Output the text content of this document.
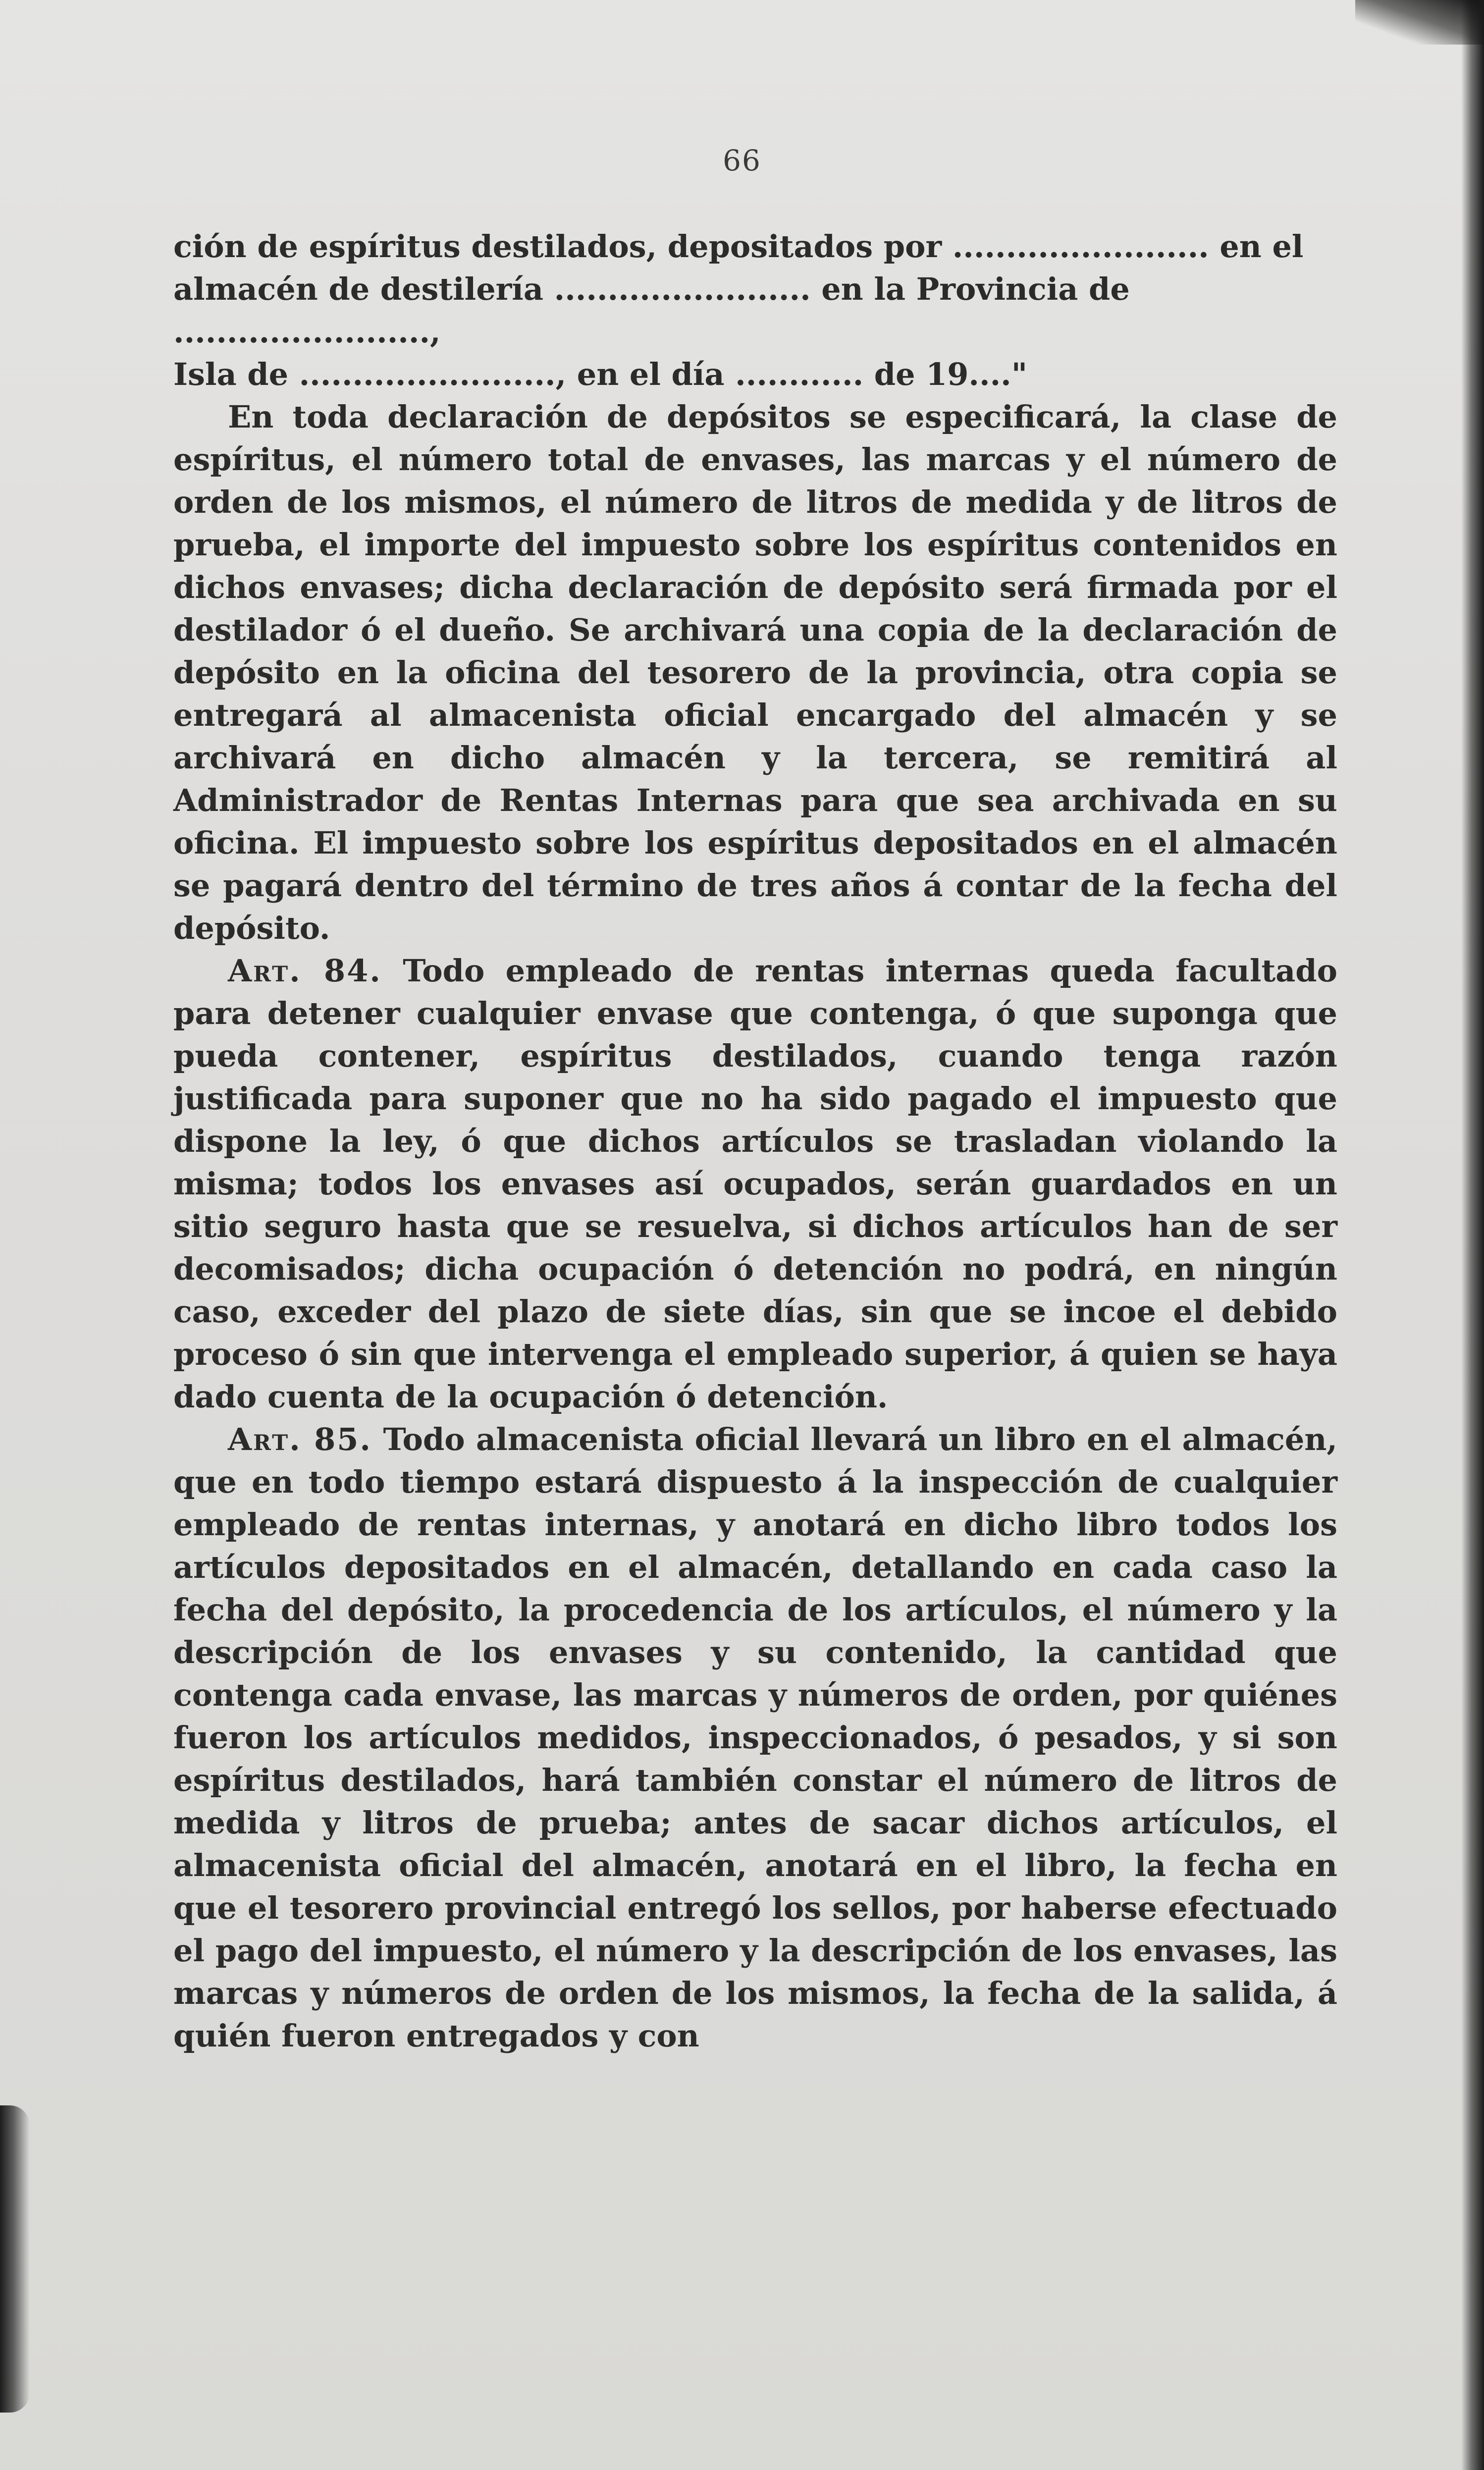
66

ción de espíritus destilados, depositados por ........................ en el

almacén de destilería ........................ en la Provincia de ........................,

Isla de ........................, en el día ............ de 19...."

En toda declaración de depósitos se especificará, la clase de espíritus, el número total de envases, las marcas y el número de orden de los mismos, el número de litros de medida y de litros de prueba, el importe del impuesto sobre los espíritus contenidos en dichos envases; dicha declaración de depósito será firmada por el destilador ó el dueño. Se archivará una copia de la declaración de depósito en la oficina del tesorero de la provincia, otra copia se entregará al almacenista oficial encargado del almacén y se archivará en dicho almacén y la tercera, se remitirá al Administrador de Rentas Internas para que sea archivada en su oficina. El impuesto sobre los espíritus depositados en el almacén se pagará dentro del término de tres años á contar de la fecha del depósito.

Art. 84. Todo empleado de rentas internas queda facultado para detener cualquier envase que contenga, ó que suponga que pueda contener, espíritus destilados, cuando tenga razón justificada para suponer que no ha sido pagado el impuesto que dispone la ley, ó que dichos artículos se trasladan violando la misma; todos los envases así ocupados, serán guardados en un sitio seguro hasta que se resuelva, si dichos artículos han de ser decomisados; dicha ocupación ó detención no podrá, en ningún caso, exceder del plazo de siete días, sin que se incoe el debido proceso ó sin que intervenga el empleado superior, á quien se haya dado cuenta de la ocupación ó detención.

Art. 85. Todo almacenista oficial llevará un libro en el almacén, que en todo tiempo estará dispuesto á la inspección de cualquier empleado de rentas internas, y anotará en dicho libro todos los artículos depositados en el almacén, detallando en cada caso la fecha del depósito, la procedencia de los artículos, el número y la descripción de los envases y su contenido, la cantidad que contenga cada envase, las marcas y números de orden, por quiénes fueron los artículos medidos, inspeccionados, ó pesados, y si son espíritus destilados, hará también constar el número de litros de medida y litros de prueba; antes de sacar dichos artículos, el almacenista oficial del almacén, anotará en el libro, la fecha en que el tesorero provincial entregó los sellos, por haberse efectuado el pago del impuesto, el número y la descripción de los envases, las marcas y números de orden de los mismos, la fecha de la salida, á quién fueron entregados y con
